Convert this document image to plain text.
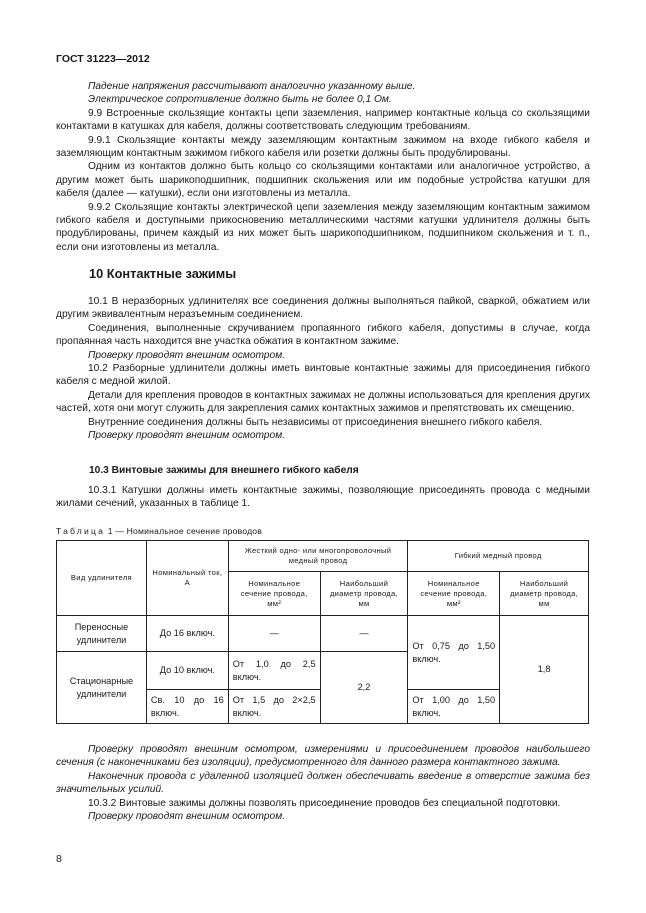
ГОСТ 31223—2012

Падение напряжения рассчитывают аналогично указанному выше.

Электрическое сопротивление должно быть не более 0,1 Ом.

9.9 Встроенные скользящие контакты цепи заземления, например контактные кольца со скользящими контактами в катушках для кабеля, должны соответствовать следующим требованиям.

9.9.1 Скользящие контакты между заземляющим контактным зажимом на входе гибкого кабеля и заземляющим контактным зажимом гибкого кабеля или розетки должны быть продублированы.

Одним из контактов должно быть кольцо со скользящими контактами или аналогичное устройство, а другим может быть шарикоподшипник, подшипник скольжения или им подобные устройства катушки для кабеля (далее — катушки), если они изготовлены из металла.

9.9.2 Скользящие контакты электрической цепи заземления между заземляющим контактным зажимом гибкого кабеля и доступными прикосновению металлическими частями катушки удлинителя должны быть продублированы, причем каждый из них может быть шарикоподшипником, подшипником скольжения и т. п., если они изготовлены из металла.

10 Контактные зажимы

10.1 В неразборных удлинителях все соединения должны выполняться пайкой, сваркой, обжатием или другим эквивалентным неразъемным соединением.

Соединения, выполненные скручиванием пропаянного гибкого кабеля, допустимы в случае, когда пропаянная часть находится вне участка обжатия в контактном зажиме.

Проверку проводят внешним осмотром.

10.2 Разборные удлинители должны иметь винтовые контактные зажимы для присоединения гибкого кабеля с медной жилой.

Детали для крепления проводов в контактных зажимах не должны использоваться для крепления других частей, хотя они могут служить для закрепления самих контактных зажимов и препятствовать их смещению.

Внутренние соединения должны быть независимы от присоединения внешнего гибкого кабеля.

Проверку проводят внешним осмотром.

10.3 Винтовые зажимы для внешнего гибкого кабеля

10.3.1 Катушки должны иметь контактные зажимы, позволяющие присоединять провода с медными жилами сечений, указанных в таблице 1.

Таблица 1 — Номинальное сечение проводов
Вид удлинителя	Номинальный ток, А	Жесткий одно- или многопроволочный медный провод		Гибкий медный провод	
		Номинальное сечение провода, мм²	Наибольший диаметр провода, мм	Номинальное сечение провода, мм²	Наибольший диаметр провода, мм
Переносные удлинители	До 16 включ.	—	—	От 0,75 до 1,50 включ.	1,8
Стационарные удлинители	До 10 включ.	От 1,0 до 2,5 включ.	2,2		
	Св. 10 до 16 включ.	От 1,5 до 2×2,5 включ.		От 1,00 до 1,50 включ.	

Проверку проводят внешним осмотром, измерениями и присоединением проводов наибольшего сечения (с наконечниками без изоляции), предусмотренного для данного размера контактного зажима.

Наконечник провода с удаленной изоляцией должен обеспечивать введение в отверстие зажима без значительных усилий.

10.3.2 Винтовые зажимы должны позволять присоединение проводов без специальной подготовки.

Проверку проводят внешним осмотром.

8
